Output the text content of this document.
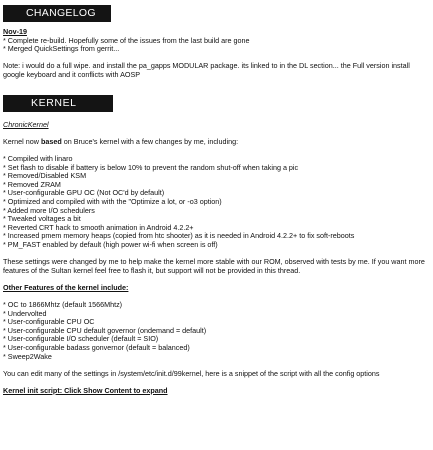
CHANGELOG
Nov-19
* Complete re-build. Hopefully some of the issues from the last build are gone
* Merged QuickSettings from gerrit...
Note: i would do a full wipe. and install the pa_gapps MODULAR package. its linked to in the DL section... the Full version install google keyboard and it conflicts with AOSP
KERNEL
ChronicKernel
Kernel now based on Bruce's kernel with a few changes by me, including:
* Compiled with linaro
* Set flash to disable if battery is below 10% to prevent the random shut-off when taking a pic
* Removed/Disabled KSM
* Removed ZRAM
* User-configurable GPU OC (Not OC'd by default)
* Optimized and compiled with with the "Optimize a lot, or -o3 option)
* Added more I/O schedulers
* Tweaked voltages a bit
* Reverted CRT hack to smooth animation in Android 4.2.2+
* Increased pmem memory heaps (copied from htc shooter) as it is needed in Android 4.2.2+ to fix soft-reboots
* PM_FAST enabled by default (high power wi-fi when screen is off)
These settings were changed by me to help make the kernel more stable with our ROM, observed with tests by me. If you want more features of the Sultan kernel feel free to flash it, but support will not be provided in this thread.
Other Features of the kernel include:
* OC to 1866Mhtz (default 1566Mhtz)
* Undervolted
* User-configurable CPU OC
* User-configurable CPU default governor (ondemand = default)
* User-configurable I/O scheduler (default = SIO)
* User-configurable badass gonvernor (default = balanced)
* Sweep2Wake
You can edit many of the settings in /system/etc/init.d/99kernel, here is a snippet of the script with all the config options
Kernel init script: Click Show Content to expand
